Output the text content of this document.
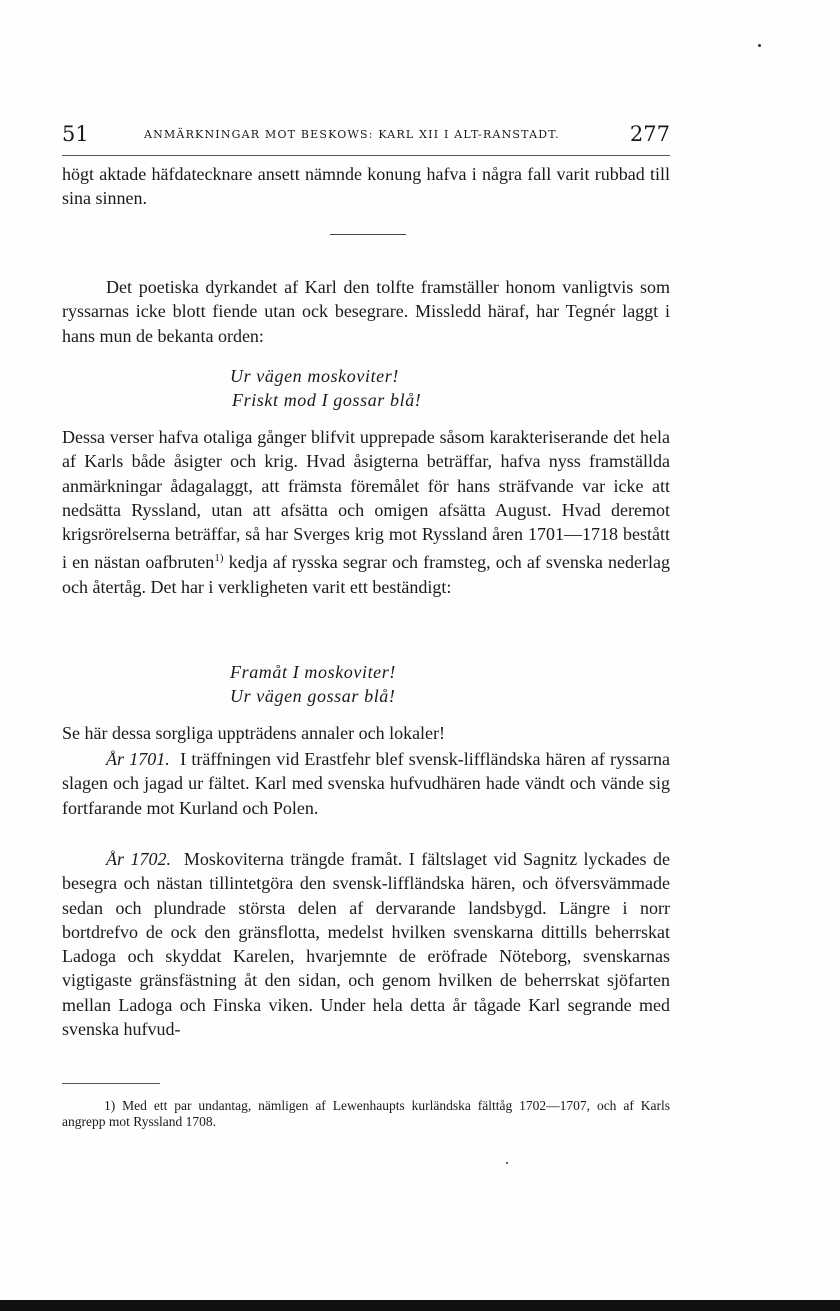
51	ANMÄRKNINGAR MOT BESKOWS: KARL XII I ALT-RANSTADT.	277

högt aktade häfdatecknare ansett nämnde konung hafva i några fall varit rubbad till sina sinnen.

Det poetiska dyrkandet af Karl den tolfte framställer honom vanligtvis som ryssarnas icke blott fiende utan ock besegrare. Missledd häraf, har Tegnér laggt i hans mun de bekanta orden:

Ur vägen moskoviter!
Friskt mod I gossar blå!

Dessa verser hafva otaliga gånger blifvit upprepade såsom karakteriserande det hela af Karls både åsigter och krig. Hvad åsigterna beträffar, hafva nyss framställda anmärkningar ådagalaggt, att främsta föremålet för hans sträfvande var icke att nedsätta Ryssland, utan att afsätta och omigen afsätta August. Hvad deremot krigsrörelserna beträffar, så har Sverges krig mot Ryssland åren 1701—1718 bestått i en nästan oafbruten$^{1)}$ kedja af rysska segrar och framsteg, och af svenska nederlag och återtåg. Det har i verkligheten varit ett beständigt:

Framåt I moskoviter!
Ur vägen gossar blå!

Se här dessa sorgliga uppträdens annaler och lokaler!

År 1701. I träffningen vid Erastfehr blef svensk-liffländska hären af ryssarna slagen och jagad ur fältet. Karl med svenska hufvudhären hade vändt och vände sig fortfarande mot Kurland och Polen.

År 1702. Moskoviterna trängde framåt. I fältslaget vid Sagnitz lyckades de besegra och nästan tillintetgöra den svensk-liffländska hären, och öfversvämmade sedan och plundrade största delen af dervarande landsbygd. Längre i norr bortdrefvo de ock den gränsflotta, medelst hvilken svenskarna dittills beherrskat Ladoga och skyddat Karelen, hvarjemnte de eröfrade Nöteborg, svenskarnas vigtigaste gränsfästning åt den sidan, och genom hvilken de beherrskat sjöfarten mellan Ladoga och Finska viken. Under hela detta år tågade Karl segrande med svenska hufvud-

1) Med ett par undantag, nämligen af Lewenhaupts kurländska fälttåg 1702—1707, och af Karls angrepp mot Ryssland 1708.
